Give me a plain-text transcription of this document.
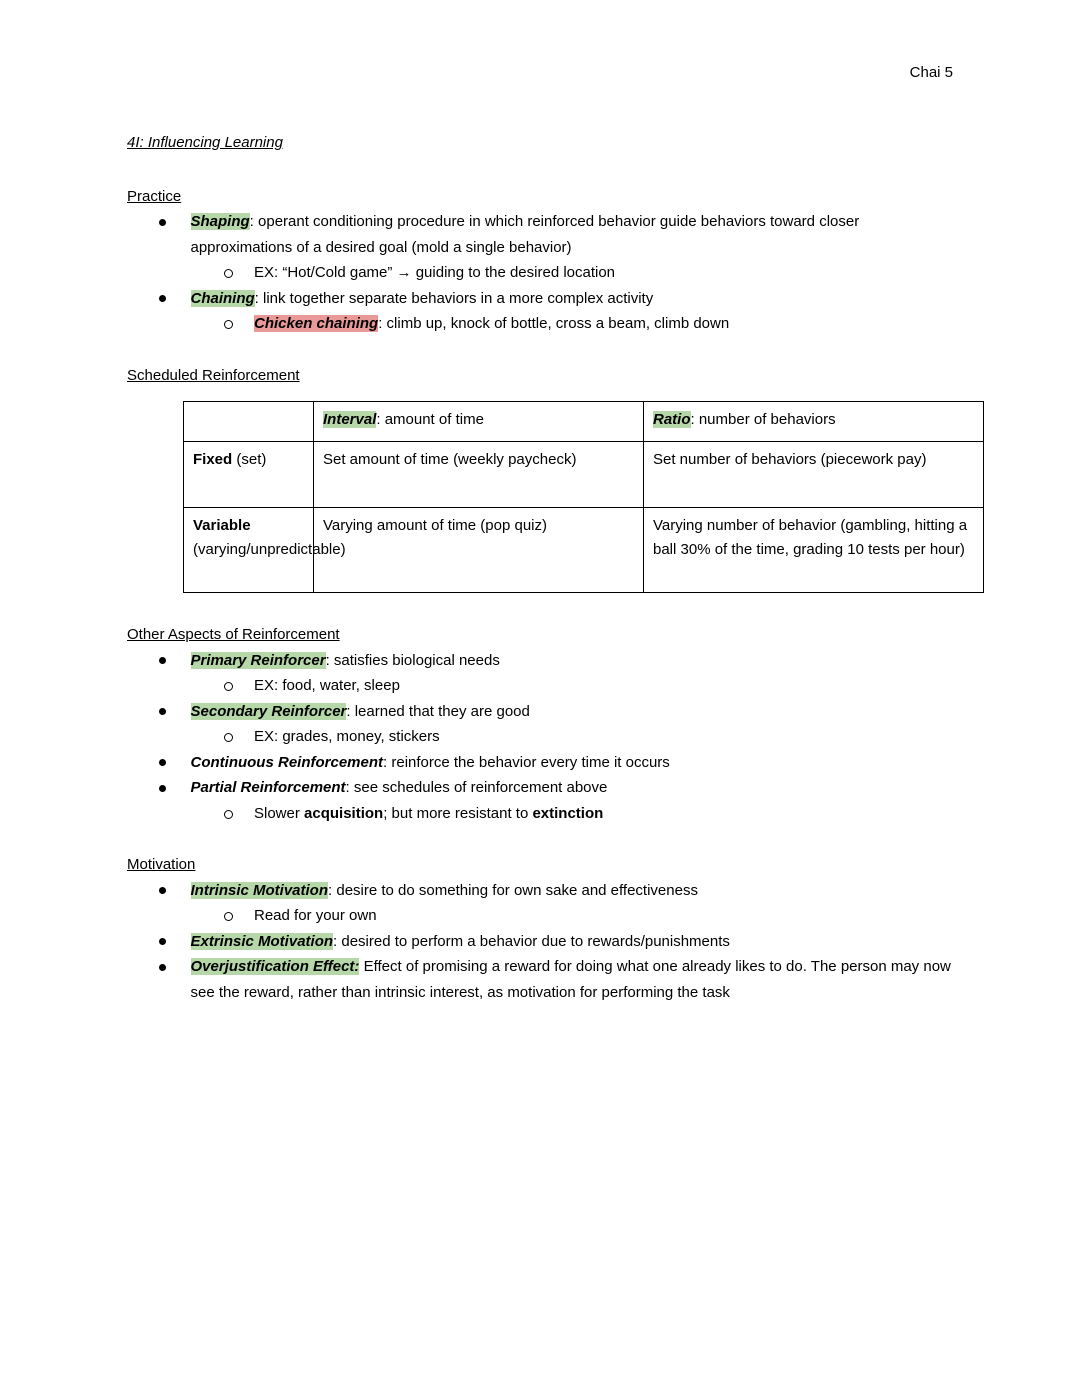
Chai 5
4I: Influencing Learning
Practice
Shaping: operant conditioning procedure in which reinforced behavior guide behaviors toward closer approximations of a desired goal (mold a single behavior)
EX: “Hot/Cold game” → guiding to the desired location
Chaining: link together separate behaviors in a more complex activity
Chicken chaining: climb up, knock of bottle, cross a beam, climb down
Scheduled Reinforcement
	Interval: amount of time	Ratio: number of behaviors
Fixed (set)	Set amount of time (weekly paycheck)	Set number of behaviors (piecework pay)
Variable (varying/unpredictable)	Varying amount of time (pop quiz)	Varying number of behavior (gambling, hitting a ball 30% of the time, grading 10 tests per hour)
Other Aspects of Reinforcement
Primary Reinforcer: satisfies biological needs
EX: food, water, sleep
Secondary Reinforcer: learned that they are good
EX: grades, money, stickers
Continuous Reinforcement: reinforce the behavior every time it occurs
Partial Reinforcement: see schedules of reinforcement above
Slower acquisition; but more resistant to extinction
Motivation
Intrinsic Motivation: desire to do something for own sake and effectiveness
Read for your own
Extrinsic Motivation: desired to perform a behavior due to rewards/punishments
Overjustification Effect: Effect of promising a reward for doing what one already likes to do. The person may now see the reward, rather than intrinsic interest, as motivation for performing the task
